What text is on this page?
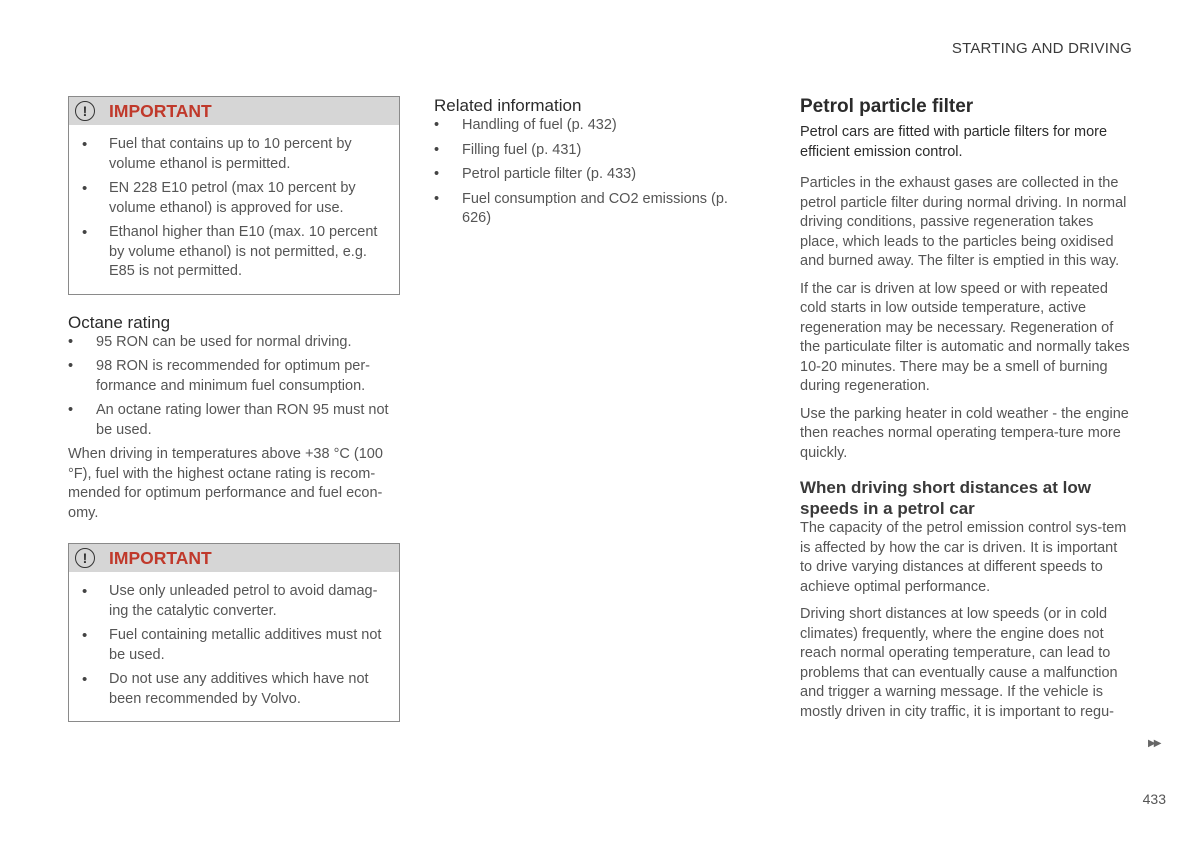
STARTING AND DRIVING
!	IMPORTANT
• Fuel that contains up to 10 percent by volume ethanol is permitted.
• EN 228 E10 petrol (max 10 percent by volume ethanol) is approved for use.
• Ethanol higher than E10 (max. 10 percent by volume ethanol) is not permitted, e.g. E85 is not permitted.
Octane rating
• 95 RON can be used for normal driving.
• 98 RON is recommended for optimum per-formance and minimum fuel consumption.
• An octane rating lower than RON 95 must not be used.

When driving in temperatures above +38 °C (100 °F), fuel with the highest octane rating is recom-mended for optimum performance and fuel econ-omy.

!	IMPORTANT
• Use only unleaded petrol to avoid damag-ing the catalytic converter.
• Fuel containing metallic additives must not be used.
• Do not use any additives which have not been recommended by Volvo.
Related information
• Handling of fuel (p. 432)
• Filling fuel (p. 431)
• Petrol particle filter (p. 433)
• Fuel consumption and CO2 emissions (p. 626)
Petrol particle filter

Petrol cars are fitted with particle filters for more efficient emission control.

Particles in the exhaust gases are collected in the petrol particle filter during normal driving. In normal driving conditions, passive regeneration takes place, which leads to the particles being oxidised and burned away. The filter is emptied in this way.

If the car is driven at low speed or with repeated cold starts in low outside temperature, active regeneration may be necessary. Regeneration of the particulate filter is automatic and normally takes 10-20 minutes. There may be a smell of burning during regeneration.

Use the parking heater in cold weather - the engine then reaches normal operating tempera-ture more quickly.

When driving short distances at low speeds in a petrol car

The capacity of the petrol emission control sys-tem is affected by how the car is driven. It is important to drive varying distances at different speeds to achieve optimal performance.

Driving short distances at low speeds (or in cold climates) frequently, where the engine does not reach normal operating temperature, can lead to problems that can eventually cause a malfunction and trigger a warning message. If the vehicle is mostly driven in city traffic, it is important to regu-

▶▶
433
